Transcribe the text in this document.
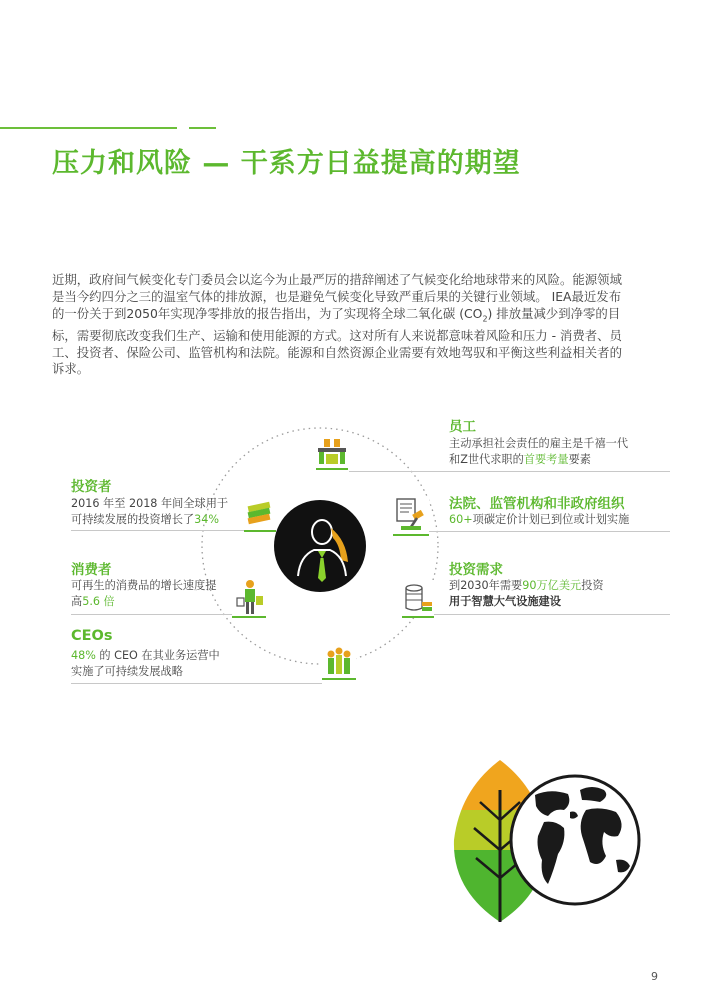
压力和风险 — 干系方日益提高的期望

近期，政府间气候变化专门委员会以迄今为止最严厉的措辞阐述了气候变化给地球带来的风险。能源领域

是当今约四分之三的温室气体的排放源，也是避免气候变化导致严重后果的关键行业领域。 IEA最近发布

的一份关于到2050年实现净零排放的报告指出，为了实现将全球二氧化碳 $(CO_2)$ 排放量减少到净零的目

标，需要彻底改变我们生产、运输和使用能源的方式。这对所有人来说都意味着风险和压力 - 消费者、员

工、投资者、保险公司、监管机构和法院。能源和自然资源企业需要有效地驾驭和平衡这些利益相关者的

诉求。

员工

主动承担社会责任的雇主是千禧一代

和Z世代求职的首要考量要素

投资者

2016 年至 2018 年间全球用于

可持续发展的投资增长了34%

法院、监管机构和非政府组织

60+项碳定价计划已到位或计划实施

消费者

可再生的消费品的增长速度提

高5.6 倍

投资需求

到2030年需要90万亿美元投资

用于智慧大气设施建设

CEOs

48% 的 CEO 在其业务运营中

实施了可持续发展战略

9
